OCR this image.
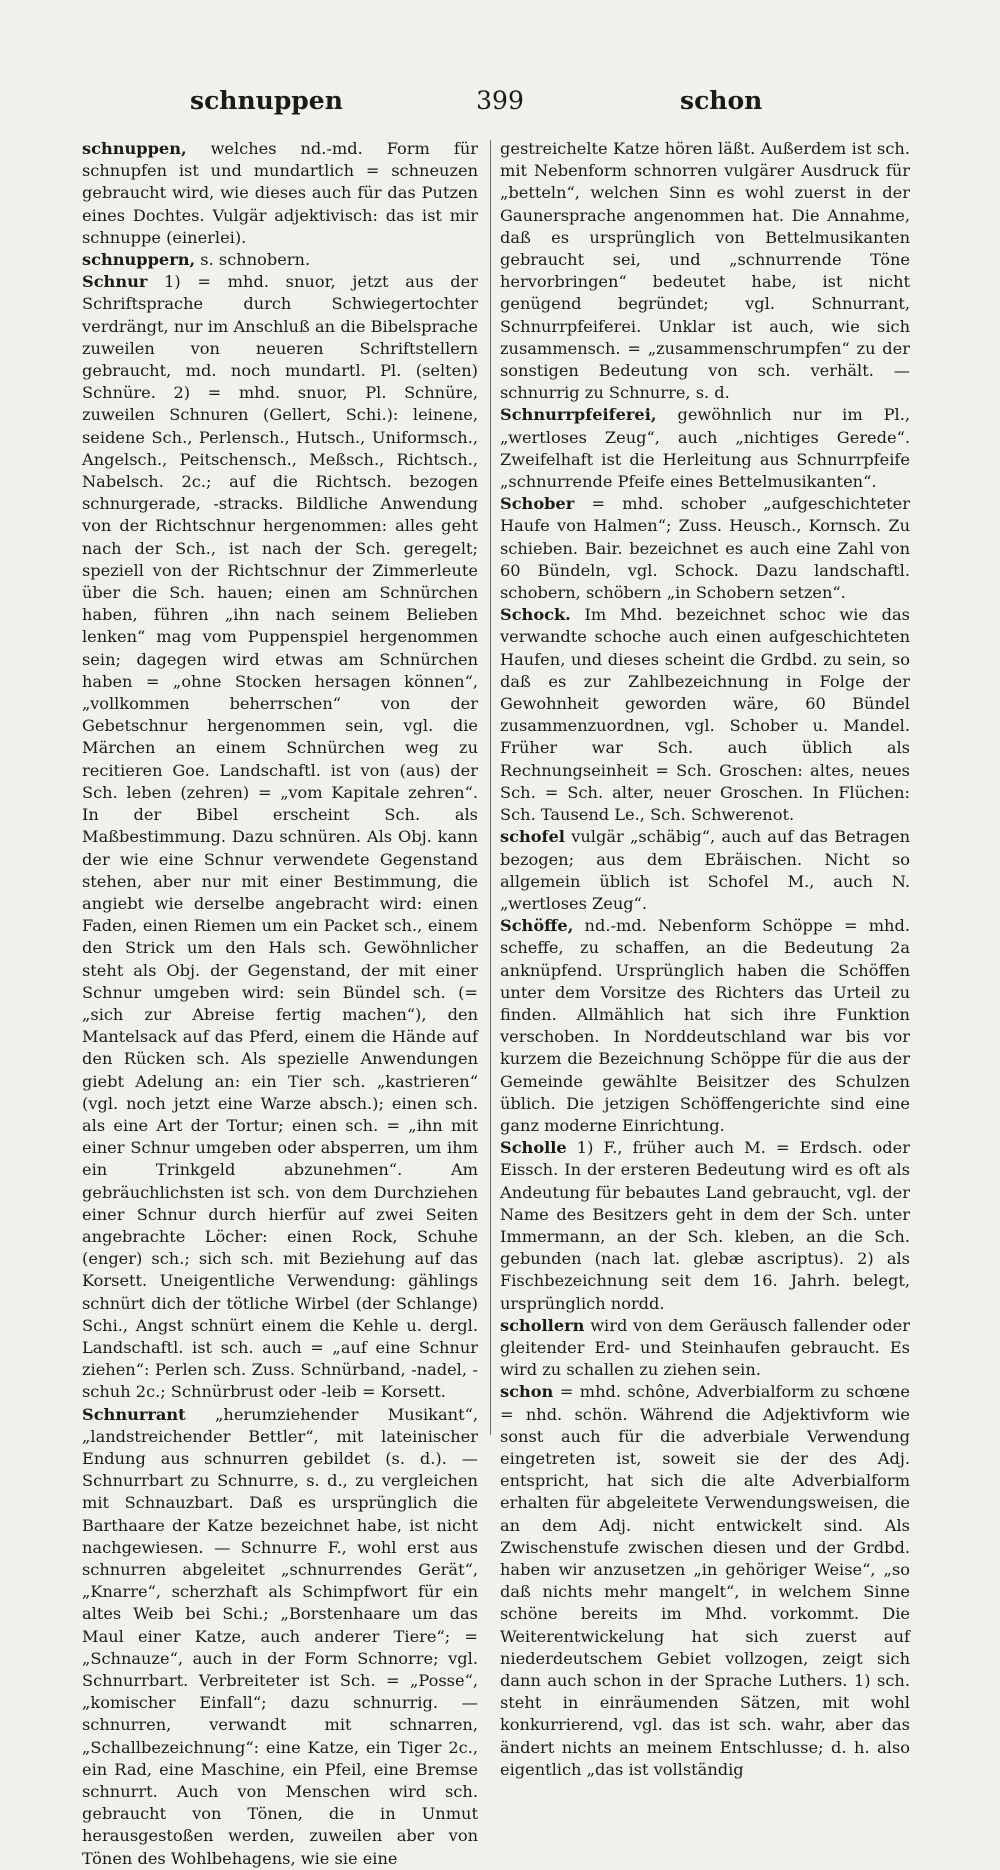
399
schnuppen	schon

schnuppen, welches nd.-md. Form für schnupfen ist und mundartlich = schneuzen gebraucht wird, wie dieses auch für das Putzen eines Dochtes. Vulgär adjektivisch: das ist mir schnuppe (einerlei).

schnuppern, s. schnobern.

Schnur 1) = mhd. snuor, jetzt aus der Schriftsprache durch Schwiegertochter verdrängt, nur im Anschluß an die Bibelsprache zuweilen von neueren Schriftstellern gebraucht, md. noch mundartl. Pl. (selten) Schnüre. 2) = mhd. snuor, Pl. Schnüre, zuweilen Schnuren (Gellert, Schi.): leinene, seidene Sch., Perlensch., Hutsch., Uniformsch., Angelsch., Peitschensch., Meßsch., Richtsch., Nabelsch. 2c.; auf die Richtsch. bezogen schnurgerade, -stracks. Bildliche Anwendung von der Richtschnur hergenommen: alles geht nach der Sch., ist nach der Sch. geregelt; speziell von der Richtschnur der Zimmerleute über die Sch. hauen; einen am Schnürchen haben, führen „ihn nach seinem Belieben lenken“ mag vom Puppenspiel hergenommen sein; dagegen wird etwas am Schnürchen haben = „ohne Stocken hersagen können“, „vollkommen beherrschen“ von der Gebetschnur hergenommen sein, vgl. die Märchen an einem Schnürchen weg zu recitieren Goe. Landschaftl. ist von (aus) der Sch. leben (zehren) = „vom Kapitale zehren“. In der Bibel erscheint Sch. als Maßbestimmung. Dazu schnüren. Als Obj. kann der wie eine Schnur verwendete Gegenstand stehen, aber nur mit einer Bestimmung, die angiebt wie derselbe angebracht wird: einen Faden, einen Riemen um ein Packet sch., einem den Strick um den Hals sch. Gewöhnlicher steht als Obj. der Gegenstand, der mit einer Schnur umgeben wird: sein Bündel sch. (= „sich zur Abreise fertig machen“), den Mantelsack auf das Pferd, einem die Hände auf den Rücken sch. Als spezielle Anwendungen giebt Adelung an: ein Tier sch. „kastrieren“ (vgl. noch jetzt eine Warze absch.); einen sch. als eine Art der Tortur; einen sch. = „ihn mit einer Schnur umgeben oder absperren, um ihm ein Trinkgeld abzunehmen“. Am gebräuchlichsten ist sch. von dem Durchziehen einer Schnur durch hierfür auf zwei Seiten angebrachte Löcher: einen Rock, Schuhe (enger) sch.; sich sch. mit Beziehung auf das Korsett. Uneigentliche Verwendung: gählings schnürt dich der tötliche Wirbel (der Schlange) Schi., Angst schnürt einem die Kehle u. dergl. Landschaftl. ist sch. auch = „auf eine Schnur ziehen“: Perlen sch. Zuss. Schnürband, -nadel, -schuh 2c.; Schnürbrust oder -leib = Korsett.

Schnurrant „herumziehender Musikant“, „landstreichender Bettler“, mit lateinischer Endung aus schnurren gebildet (s. d.). — Schnurrbart zu Schnurre, s. d., zu vergleichen mit Schnauzbart. Daß es ursprünglich die Barthaare der Katze bezeichnet habe, ist nicht nachgewiesen. — Schnurre F., wohl erst aus schnurren abgeleitet „schnurrendes Gerät“, „Knarre“, scherzhaft als Schimpfwort für ein altes Weib bei Schi.; „Borstenhaare um das Maul einer Katze, auch anderer Tiere“; = „Schnauze“, auch in der Form Schnorre; vgl. Schnurrbart. Verbreiteter ist Sch. = „Posse“, „komischer Einfall“; dazu schnurrig. — schnurren, verwandt mit schnarren, „Schallbezeichnung“: eine Katze, ein Tiger 2c., ein Rad, eine Maschine, ein Pfeil, eine Bremse schnurrt. Auch von Menschen wird sch. gebraucht von Tönen, die in Unmut herausgestoßen werden, zuweilen aber von Tönen des Wohlbehagens, wie sie eine

gestreichelte Katze hören läßt. Außerdem ist sch. mit Nebenform schnorren vulgärer Ausdruck für „betteln“, welchen Sinn es wohl zuerst in der Gaunersprache angenommen hat. Die Annahme, daß es ursprünglich von Bettelmusikanten gebraucht sei, und „schnurrende Töne hervorbringen“ bedeutet habe, ist nicht genügend begründet; vgl. Schnurrant, Schnurrpfeiferei. Unklar ist auch, wie sich zusammensch. = „zusammenschrumpfen“ zu der sonstigen Bedeutung von sch. verhält. — schnurrig zu Schnurre, s. d.

Schnurrpfeiferei, gewöhnlich nur im Pl., „wertloses Zeug“, auch „nichtiges Gerede“. Zweifelhaft ist die Herleitung aus Schnurrpfeife „schnurrende Pfeife eines Bettelmusikanten“.

Schober = mhd. schober „aufgeschichteter Haufe von Halmen“; Zuss. Heusch., Kornsch. Zu schieben. Bair. bezeichnet es auch eine Zahl von 60 Bündeln, vgl. Schock. Dazu landschaftl. schobern, schöbern „in Schobern setzen“.

Schock. Im Mhd. bezeichnet schoc wie das verwandte schoche auch einen aufgeschichteten Haufen, und dieses scheint die Grdbd. zu sein, so daß es zur Zahlbezeichnung in Folge der Gewohnheit geworden wäre, 60 Bündel zusammenzuordnen, vgl. Schober u. Mandel. Früher war Sch. auch üblich als Rechnungseinheit = Sch. Groschen: altes, neues Sch. = Sch. alter, neuer Groschen. In Flüchen: Sch. Tausend Le., Sch. Schwerenot.

schofel vulgär „schäbig“, auch auf das Betragen bezogen; aus dem Ebräischen. Nicht so allgemein üblich ist Schofel M., auch N. „wertloses Zeug“.

Schöffe, nd.-md. Nebenform Schöppe = mhd. scheffe, zu schaffen, an die Bedeutung 2a anknüpfend. Ursprünglich haben die Schöffen unter dem Vorsitze des Richters das Urteil zu finden. Allmählich hat sich ihre Funktion verschoben. In Norddeutschland war bis vor kurzem die Bezeichnung Schöppe für die aus der Gemeinde gewählte Beisitzer des Schulzen üblich. Die jetzigen Schöffengerichte sind eine ganz moderne Einrichtung.

Scholle 1) F., früher auch M. = Erdsch. oder Eissch. In der ersteren Bedeutung wird es oft als Andeutung für bebautes Land gebraucht, vgl. der Name des Besitzers geht in dem der Sch. unter Immermann, an der Sch. kleben, an die Sch. gebunden (nach lat. glebæ ascriptus). 2) als Fischbezeichnung seit dem 16. Jahrh. belegt, ursprünglich nordd.

schollern wird von dem Geräusch fallender oder gleitender Erd- und Steinhaufen gebraucht. Es wird zu schallen zu ziehen sein.

schon = mhd. schône, Adverbialform zu schœne = nhd. schön. Während die Adjektivform wie sonst auch für die adverbiale Verwendung eingetreten ist, soweit sie der des Adj. entspricht, hat sich die alte Adverbialform erhalten für abgeleitete Verwendungsweisen, die an dem Adj. nicht entwickelt sind. Als Zwischenstufe zwischen diesen und der Grdbd. haben wir anzusetzen „in gehöriger Weise“, „so daß nichts mehr mangelt“, in welchem Sinne schöne bereits im Mhd. vorkommt. Die Weiterentwickelung hat sich zuerst auf niederdeutschem Gebiet vollzogen, zeigt sich dann auch schon in der Sprache Luthers. 1) sch. steht in einräumenden Sätzen, mit wohl konkurrierend, vgl. das ist sch. wahr, aber das ändert nichts an meinem Entschlusse; d. h. also eigentlich „das ist vollständig
